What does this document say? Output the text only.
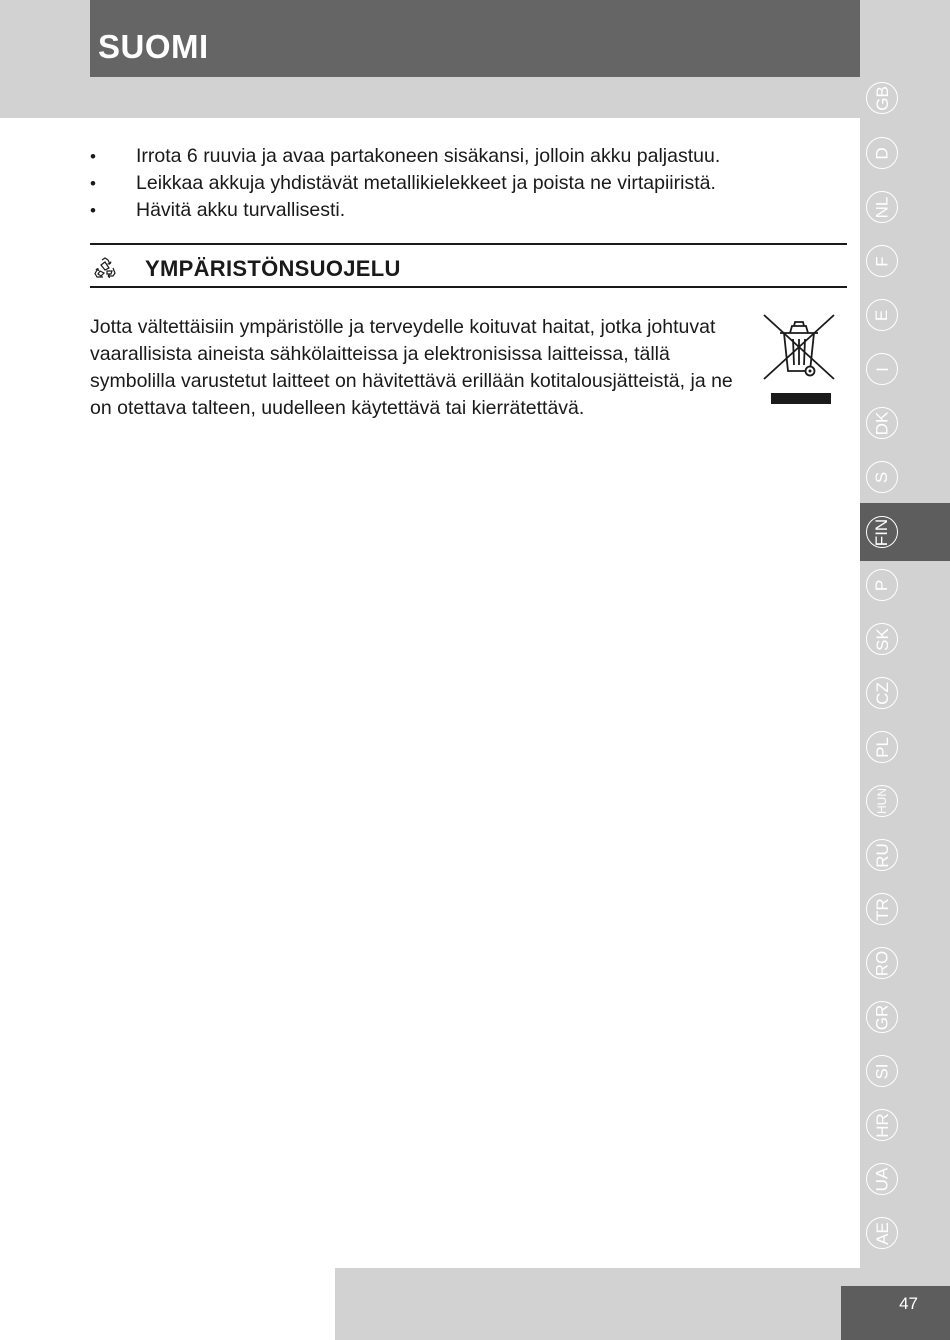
SUOMI
GB
D
NL
F
E
I
DK
S
FIN
P
SK
CZ
PL
HUN
RU
TR
RO
GR
SI
HR
UA
AE
• Irrota 6 ruuvia ja avaa partakoneen sisäkansi, jolloin akku paljastuu.
• Leikkaa akkuja yhdistävät metallikielekkeet ja poista ne virtapiiristä.
• Hävitä akku turvallisesti.
YMPÄRISTÖNSUOJELU

Jotta vältettäisiin ympäristölle ja terveydelle koituvat haitat, jotka johtuvat vaarallisista aineista sähkölaitteissa ja elektronisissa laitteissa, tällä symbolilla varustetut laitteet on hävitettävä erillään kotitalousjätteistä, ja ne on otettava talteen, uudelleen käytettävä tai kierrätettävä.

47
